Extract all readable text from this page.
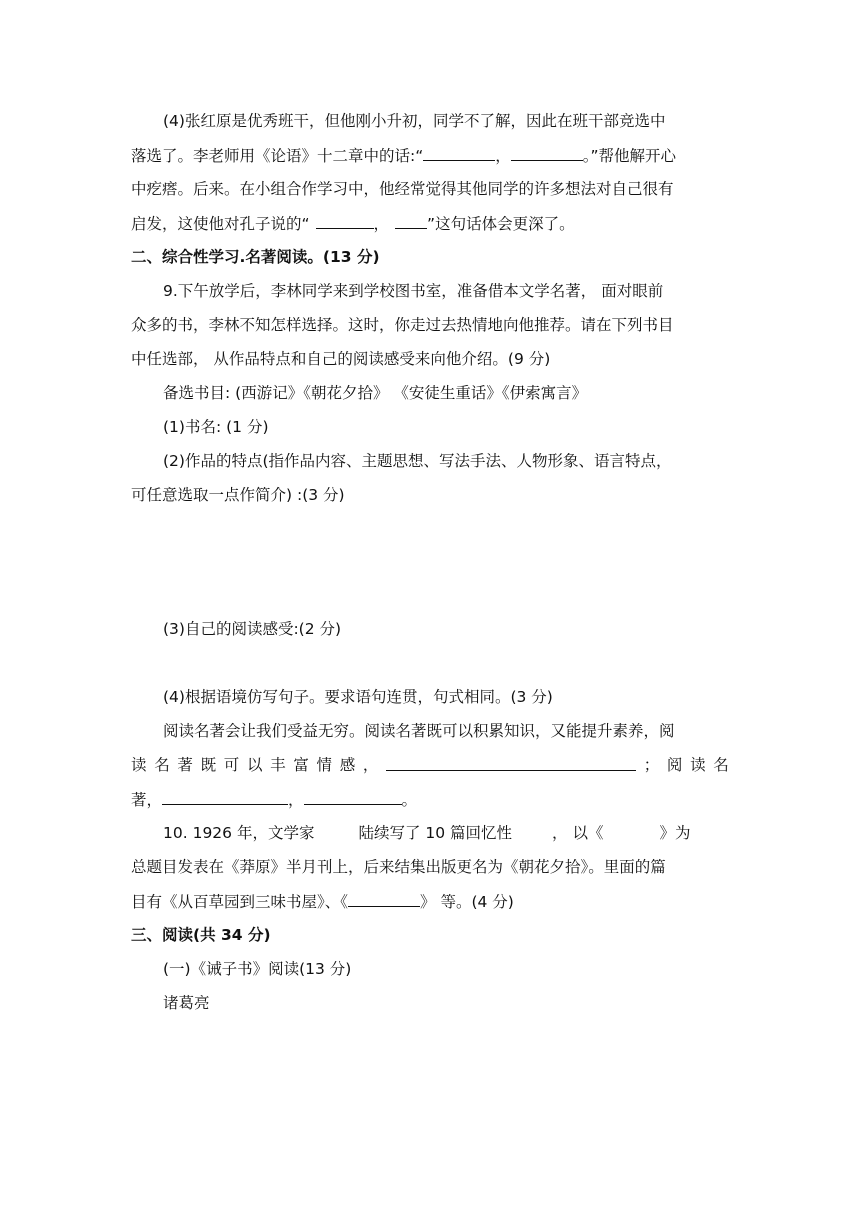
(4)张红原是优秀班干，但他刚小升初，同学不了解，因此在班干部竞选中
落选了。李老师用《论语》十二章中的话:“	，	。”帮他解开心
中疙瘩。后来。在小组合作学习中，他经常觉得其他同学的许多想法对自己很有
启发，这使他对孔子说的“	， ”这句话体会更深了。
二、综合性学习.名著阅读。(13 分)
9.下午放学后，李林同学来到学校图书室，准备借本文学名著， 面对眼前
众多的书，李林不知怎样选择。这时，你走过去热情地向他推荐。请在下列书目
中任选部， 从作品特点和自己的阅读感受来向他介绍。(9 分)
备选书目: (西游记》《朝花夕拾》 《安徒生重话》《伊索寓言》
(1)书名: (1 分)
(2)作品的特点(指作品内容、主题思想、写法手法、人物形象、语言特点，
可任意选取一点作简介) :(3 分)
(3)自己的阅读感受:(2 分)
(4)根据语境仿写句子。要求语句连贯，句式相同。(3 分)
阅读名著会让我们受益无穷。阅读名著既可以积累知识，又能提升素养，阅
读 名 著 既 可 以 丰 富 情 感 ，	； 阅 读 名
著，	，	。
10. 1926 年，文学家	陆续写了 10 篇回忆性	， 以《	》为
总题目发表在《莽原》半月刊上，后来结集出版更名为《朝花夕拾》。里面的篇
目有《从百草园到三味书屋》、《	》 等。(4 分)
三、阅读(共 34 分)
(一)《诫子书》阅读(13 分)
诸葛亮
